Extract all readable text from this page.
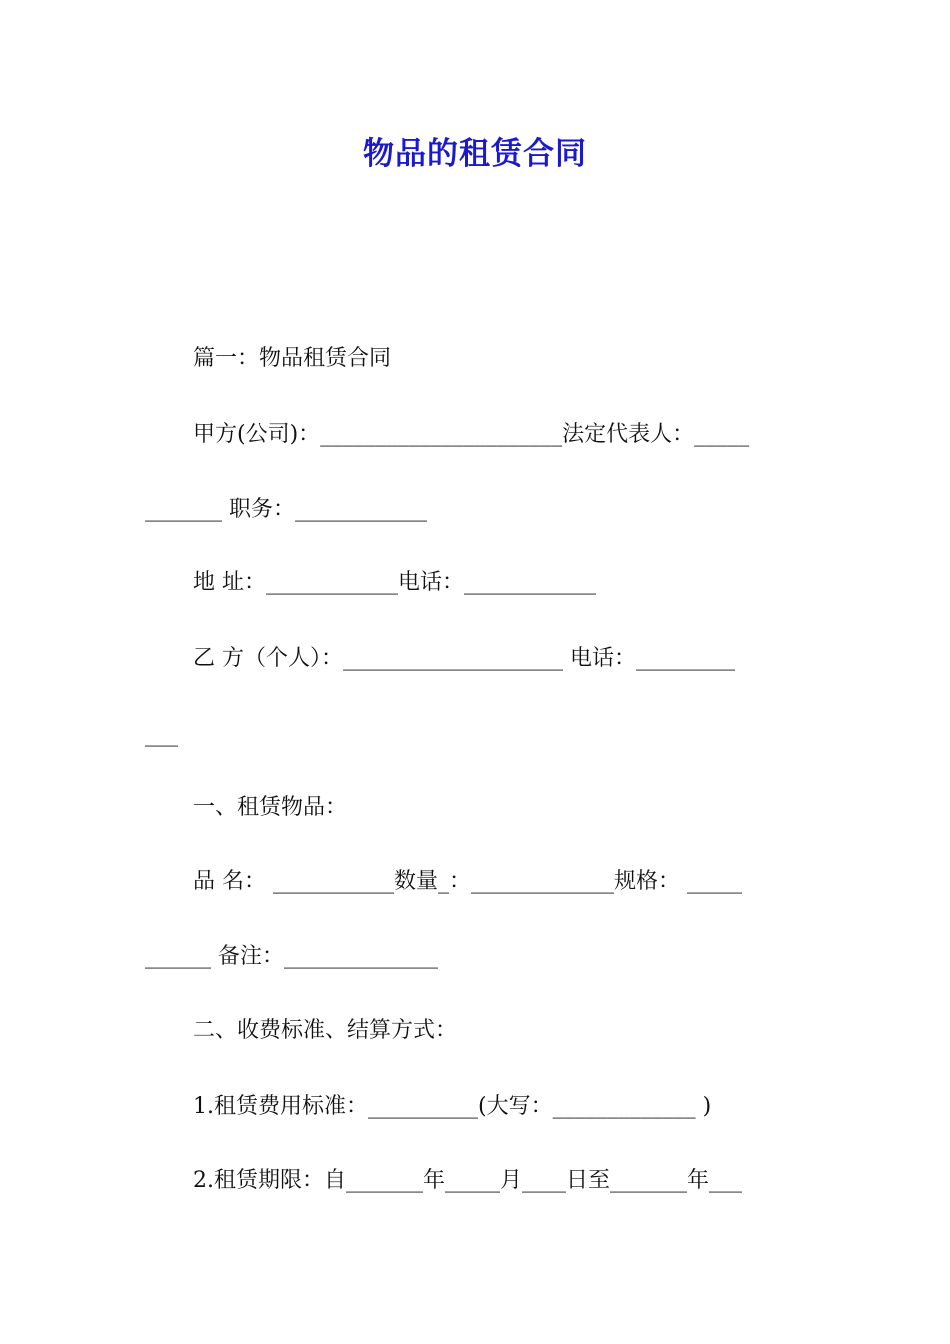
物品的租赁合同
篇一：物品租赁合同
甲方(公司)：______________________法定代表人：_____
_______ 职务：____________
地 址：____________电话：____________
乙 方（个人）：____________________ 电话：_________
___
一、租赁物品：
品 名： ___________数量_：_____________规格： _____
______ 备注：______________
二、收费标准、结算方式：
1.租赁费用标准：__________(大写：_____________ )
2.租赁期限：自_______年_____月____日至_______年___
